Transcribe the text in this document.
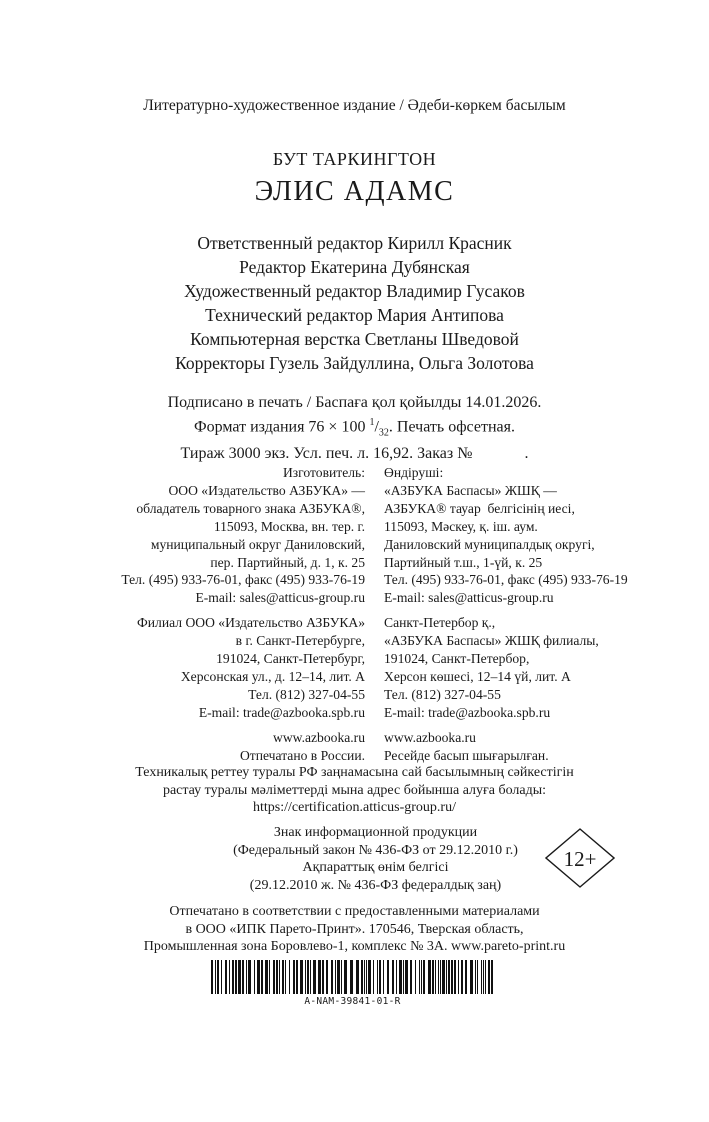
Литературно-художественное издание / Әдеби-көркем басылым
БУТ ТАРКИНГТОН
ЭЛИС АДАМС
Ответственный редактор Кирилл Красник
Редактор Екатерина Дубянская
Художественный редактор Владимир Гусаков
Технический редактор Мария Антипова
Компьютерная верстка Светланы Шведовой
Корректоры Гузель Зайдуллина, Ольга Золотова
Подписано в печать / Баспаға қол қойылды 14.01.2026.
Формат издания 76 × 100 $^1/_{32}$. Печать офсетная.
Тираж 3000 экз. Усл. печ. л. 16,92. Заказ №             .
Изготовитель:
ООО «Издательство АЗБУКА» —
обладатель товарного знака АЗБУКА®,
115093, Москва, вн. тер. г.
муниципальный округ Даниловский,
пер. Партийный, д. 1, к. 25
Тел. (495) 933-76-01, факс (495) 933-76-19
E-mail: sales@atticus-group.ru
Филиал ООО «Издательство АЗБУКА»
в г. Санкт-Петербурге,
191024, Санкт-Петербург,
Херсонская ул., д. 12–14, лит. А
Тел. (812) 327-04-55
E-mail: trade@azbooka.spb.ru
www.azbooka.ru
Отпечатано в России.
Өндіруші:
«АЗБУКА Баспасы» ЖШҚ —
АЗБУКА® тауар  белгісінің иесі,
115093, Мәскеу, қ. іш. аум.
Даниловский муниципалдық округі,
Партийный т.ш., 1-үй, к. 25
Тел. (495) 933-76-01, факс (495) 933-76-19
E-mail: sales@atticus-group.ru
Санкт-Петербор қ.,
«АЗБУКА Баспасы» ЖШҚ филиалы,
191024, Санкт-Петербор,
Херсон көшесі, 12–14 үй, лит. А
Тел. (812) 327-04-55
E-mail: trade@azbooka.spb.ru
www.azbooka.ru
Ресейде басып шығарылған.
Техникалық реттеу туралы РФ заңнамасына сай басылымның сәйкестігін
растау туралы мәліметтерді мына адрес бойынша алуға болады:
https://certification.atticus-group.ru/
Знак информационной продукции
(Федеральный закон № 436-ФЗ от 29.12.2010 г.)
Ақпараттық өнім белгісі
(29.12.2010 ж. № 436-ФЗ федералдық заң)
12+
Отпечатано в соответствии с предоставленными материалами
в ООО «ИПК Парето-Принт». 170546, Тверская область,
Промышленная зона Боровлево-1, комплекс № 3А. www.pareto-print.ru
A-NAM-39841-01-R
